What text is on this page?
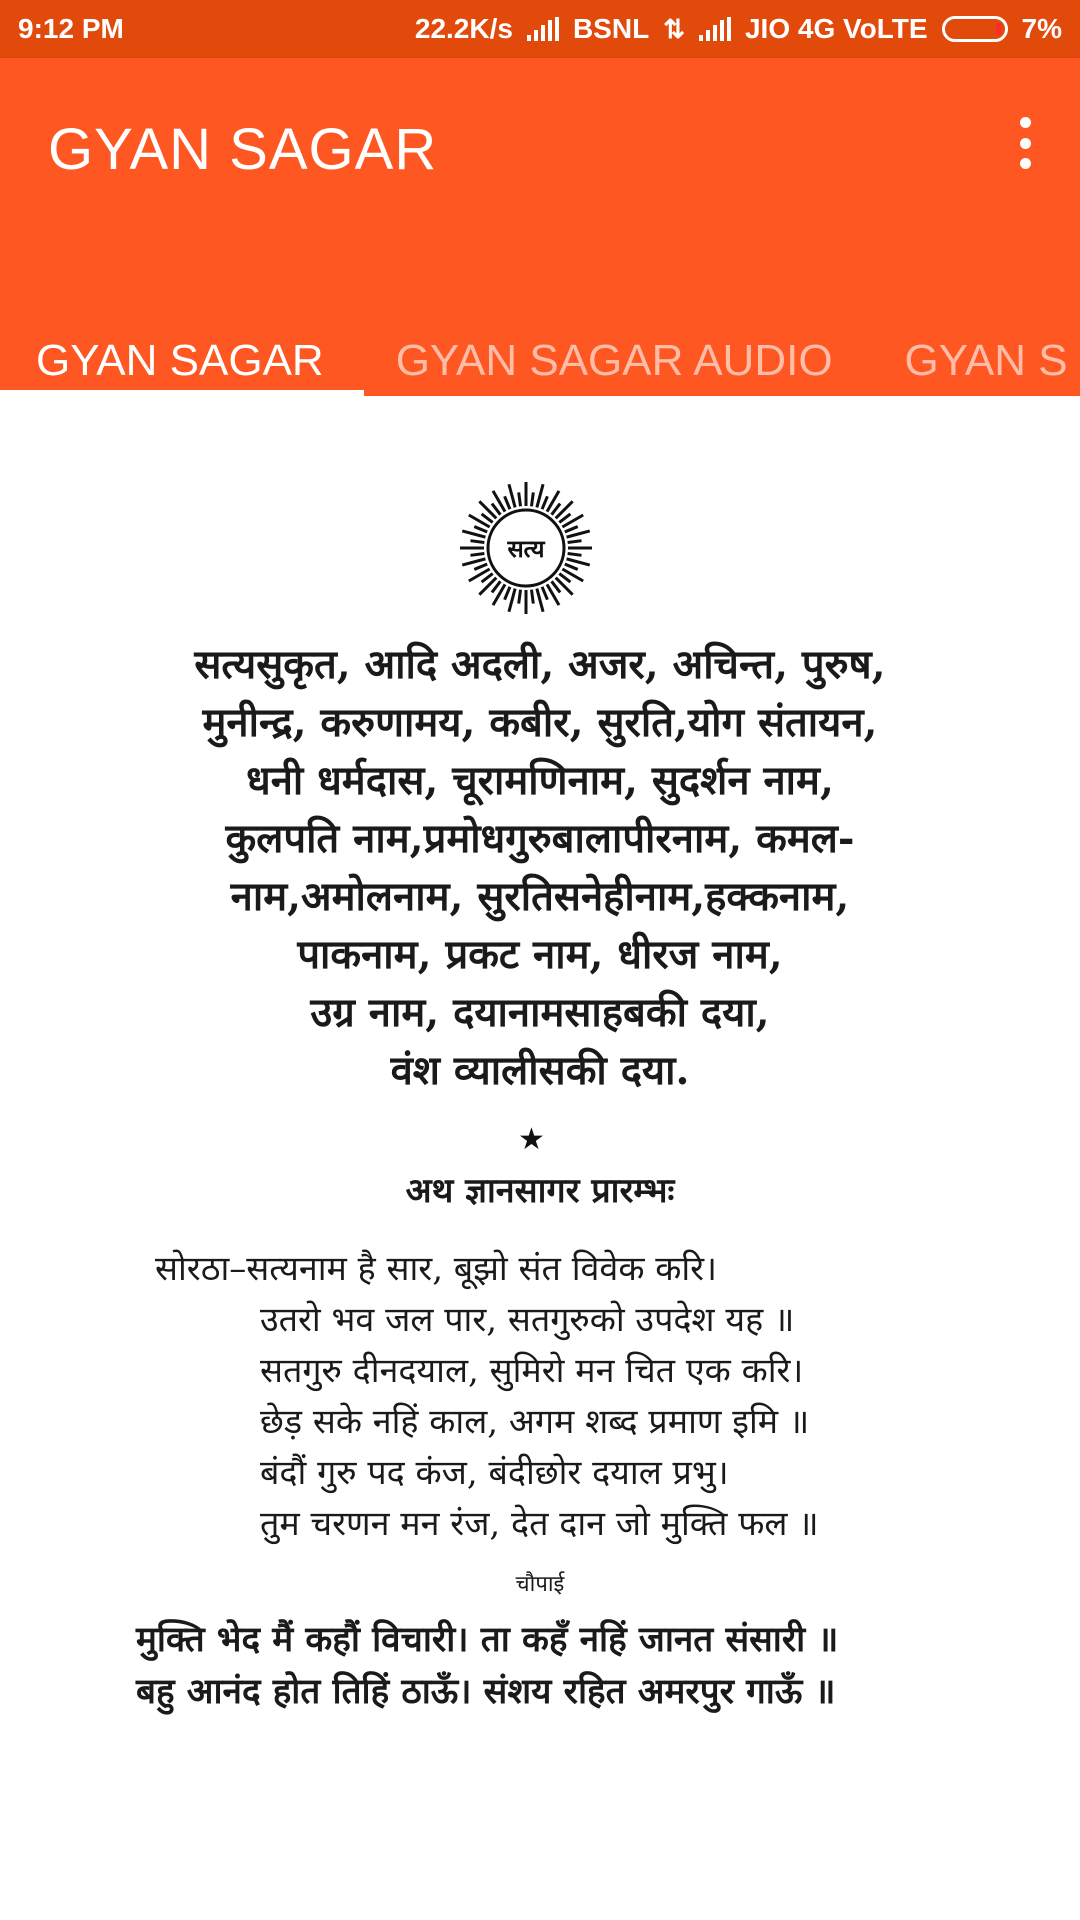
9:12 PM	22.2K/s BSNL ⇅ JIO 4G VoLTE	7%
GYAN SAGAR
GYAN SAGAR GYAN SAGAR AUDIO GYAN S
सत्य
सत्यसुकृत, आदि अदली, अजर, अचिन्त, पुरुष,
मुनीन्द्र, करुणामय, कबीर, सुरति,योग संतायन,
धनी धर्मदास, चूरामणिनाम, सुदर्शन नाम,
कुलपति नाम,प्रमोधगुरुबालापीरनाम, कमल-
नाम,अमोलनाम, सुरतिसनेहीनाम,हक्कनाम,
पाकनाम, प्रकट नाम, धीरज नाम,
उग्र नाम, दयानामसाहबकी दया,
वंश व्यालीसकी दया.
★
अथ ज्ञानसागर प्रारम्भः
सोरठा–सत्यनाम है सार, बूझो संत विवेक करि।
उतरो भव जल पार, सतगुरुको उपदेश यह ॥
सतगुरु दीनदयाल, सुमिरो मन चित एक करि।
छेड़ सके नहिं काल, अगम शब्द प्रमाण इमि ॥
बंदौं गुरु पद कंज, बंदीछोर दयाल प्रभु।
तुम चरणन मन रंज, देत दान जो मुक्ति फल ॥
चौपाई
मुक्ति भेद मैं कहौं विचारी। ता कहँ नहिं जानत संसारी ॥
बहु आनंद होत तिहिं ठाऊँ। संशय रहित अमरपुर गाऊँ ॥
